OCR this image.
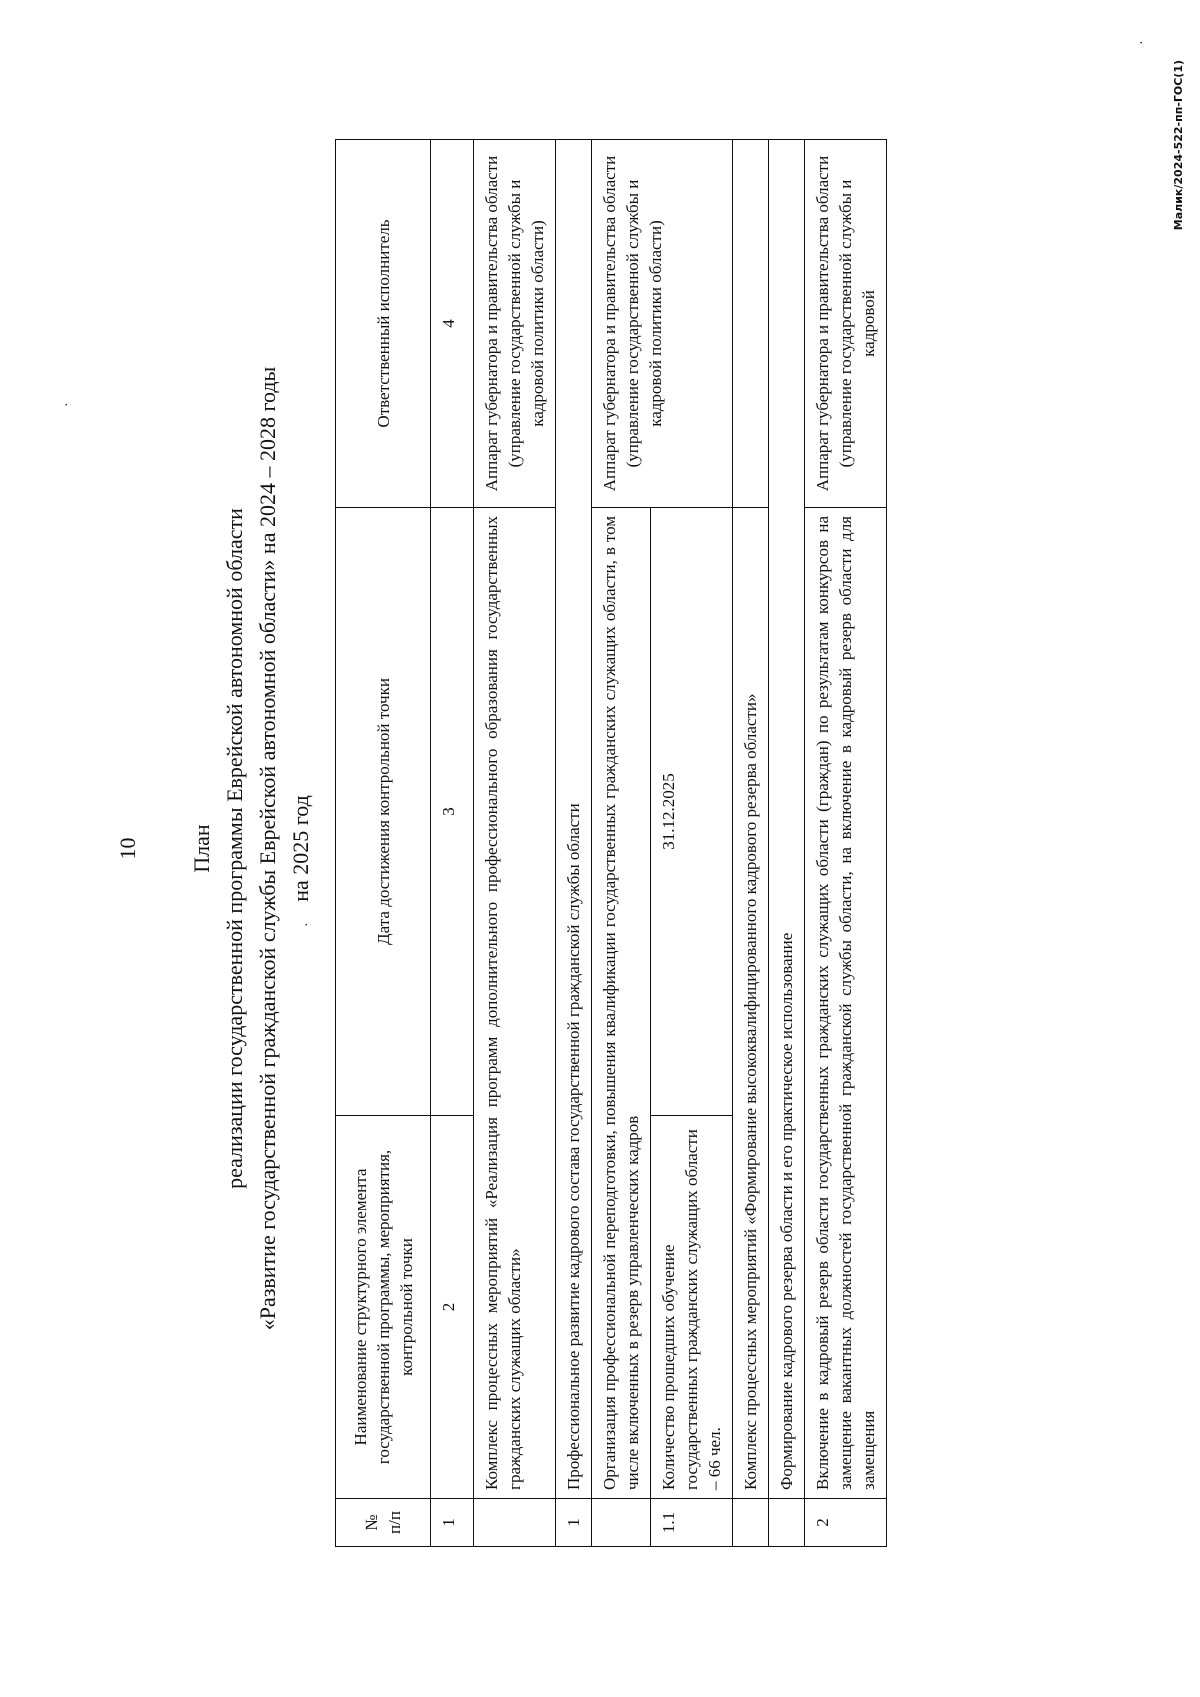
10 План реализации государственной программы Еврейской автономной области «Развитие государственной гражданской службы Еврейской автономной области» на 2024 – 2028 годы на 2025 год
№ п/п	Наименование структурного элемента государственной программы, мероприятия, контрольной точки	Дата достижения контрольной точки	Ответственный исполнитель
1	2	3	4
	Комплекс процессных мероприятий «Реализация программ дополнительного профессионального образования государственных гражданских служащих области»		Аппарат губернатора и правительства области (управление государственной службы и кадровой политики области)
1	Профессиональное развитие кадрового состава государственной гражданской службы области		
	Организация профессиональной переподготовки, повышения квалификации государственных гражданских служащих области, в том числе включенных в резерв управленческих кадров		Аппарат губернатора и правительства области (управление государственной службы и кадровой политики области)
1.1	Количество прошедших обучение государственных гражданских служащих области – 66 чел.	31.12.2025	
	Комплекс процессных мероприятий «Формирование высококвалифицированного кадрового резерва области»		
	Формирование кадрового резерва области и его практическое использование		
2	Включение в кадровый резерв области государственных гражданских служащих области (граждан) по результатам конкурсов на замещение вакантных должностей государственной гражданской службы области, на включение в кадровый резерв области для замещения		Аппарат губернатора и правительства области (управление государственной службы и кадровой
Малик/2024-522-пп-ГОС(1)
·
·
·
